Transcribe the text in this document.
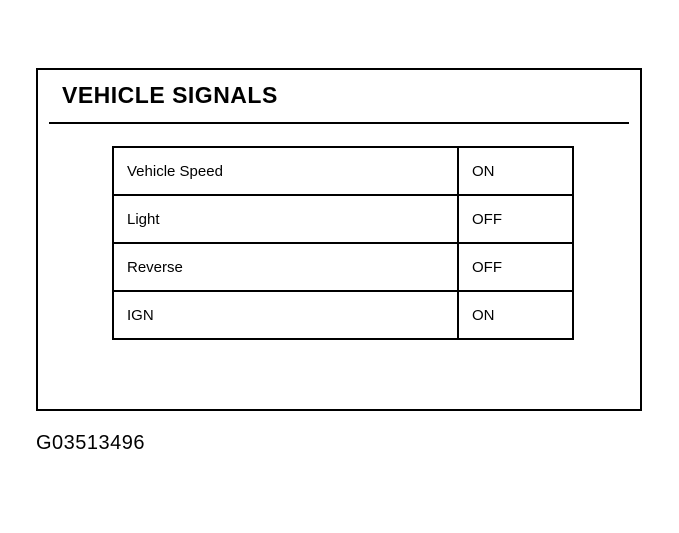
VEHICLE SIGNALS
Vehicle Speed	ON
Light	OFF
Reverse	OFF
IGN	ON
G03513496
